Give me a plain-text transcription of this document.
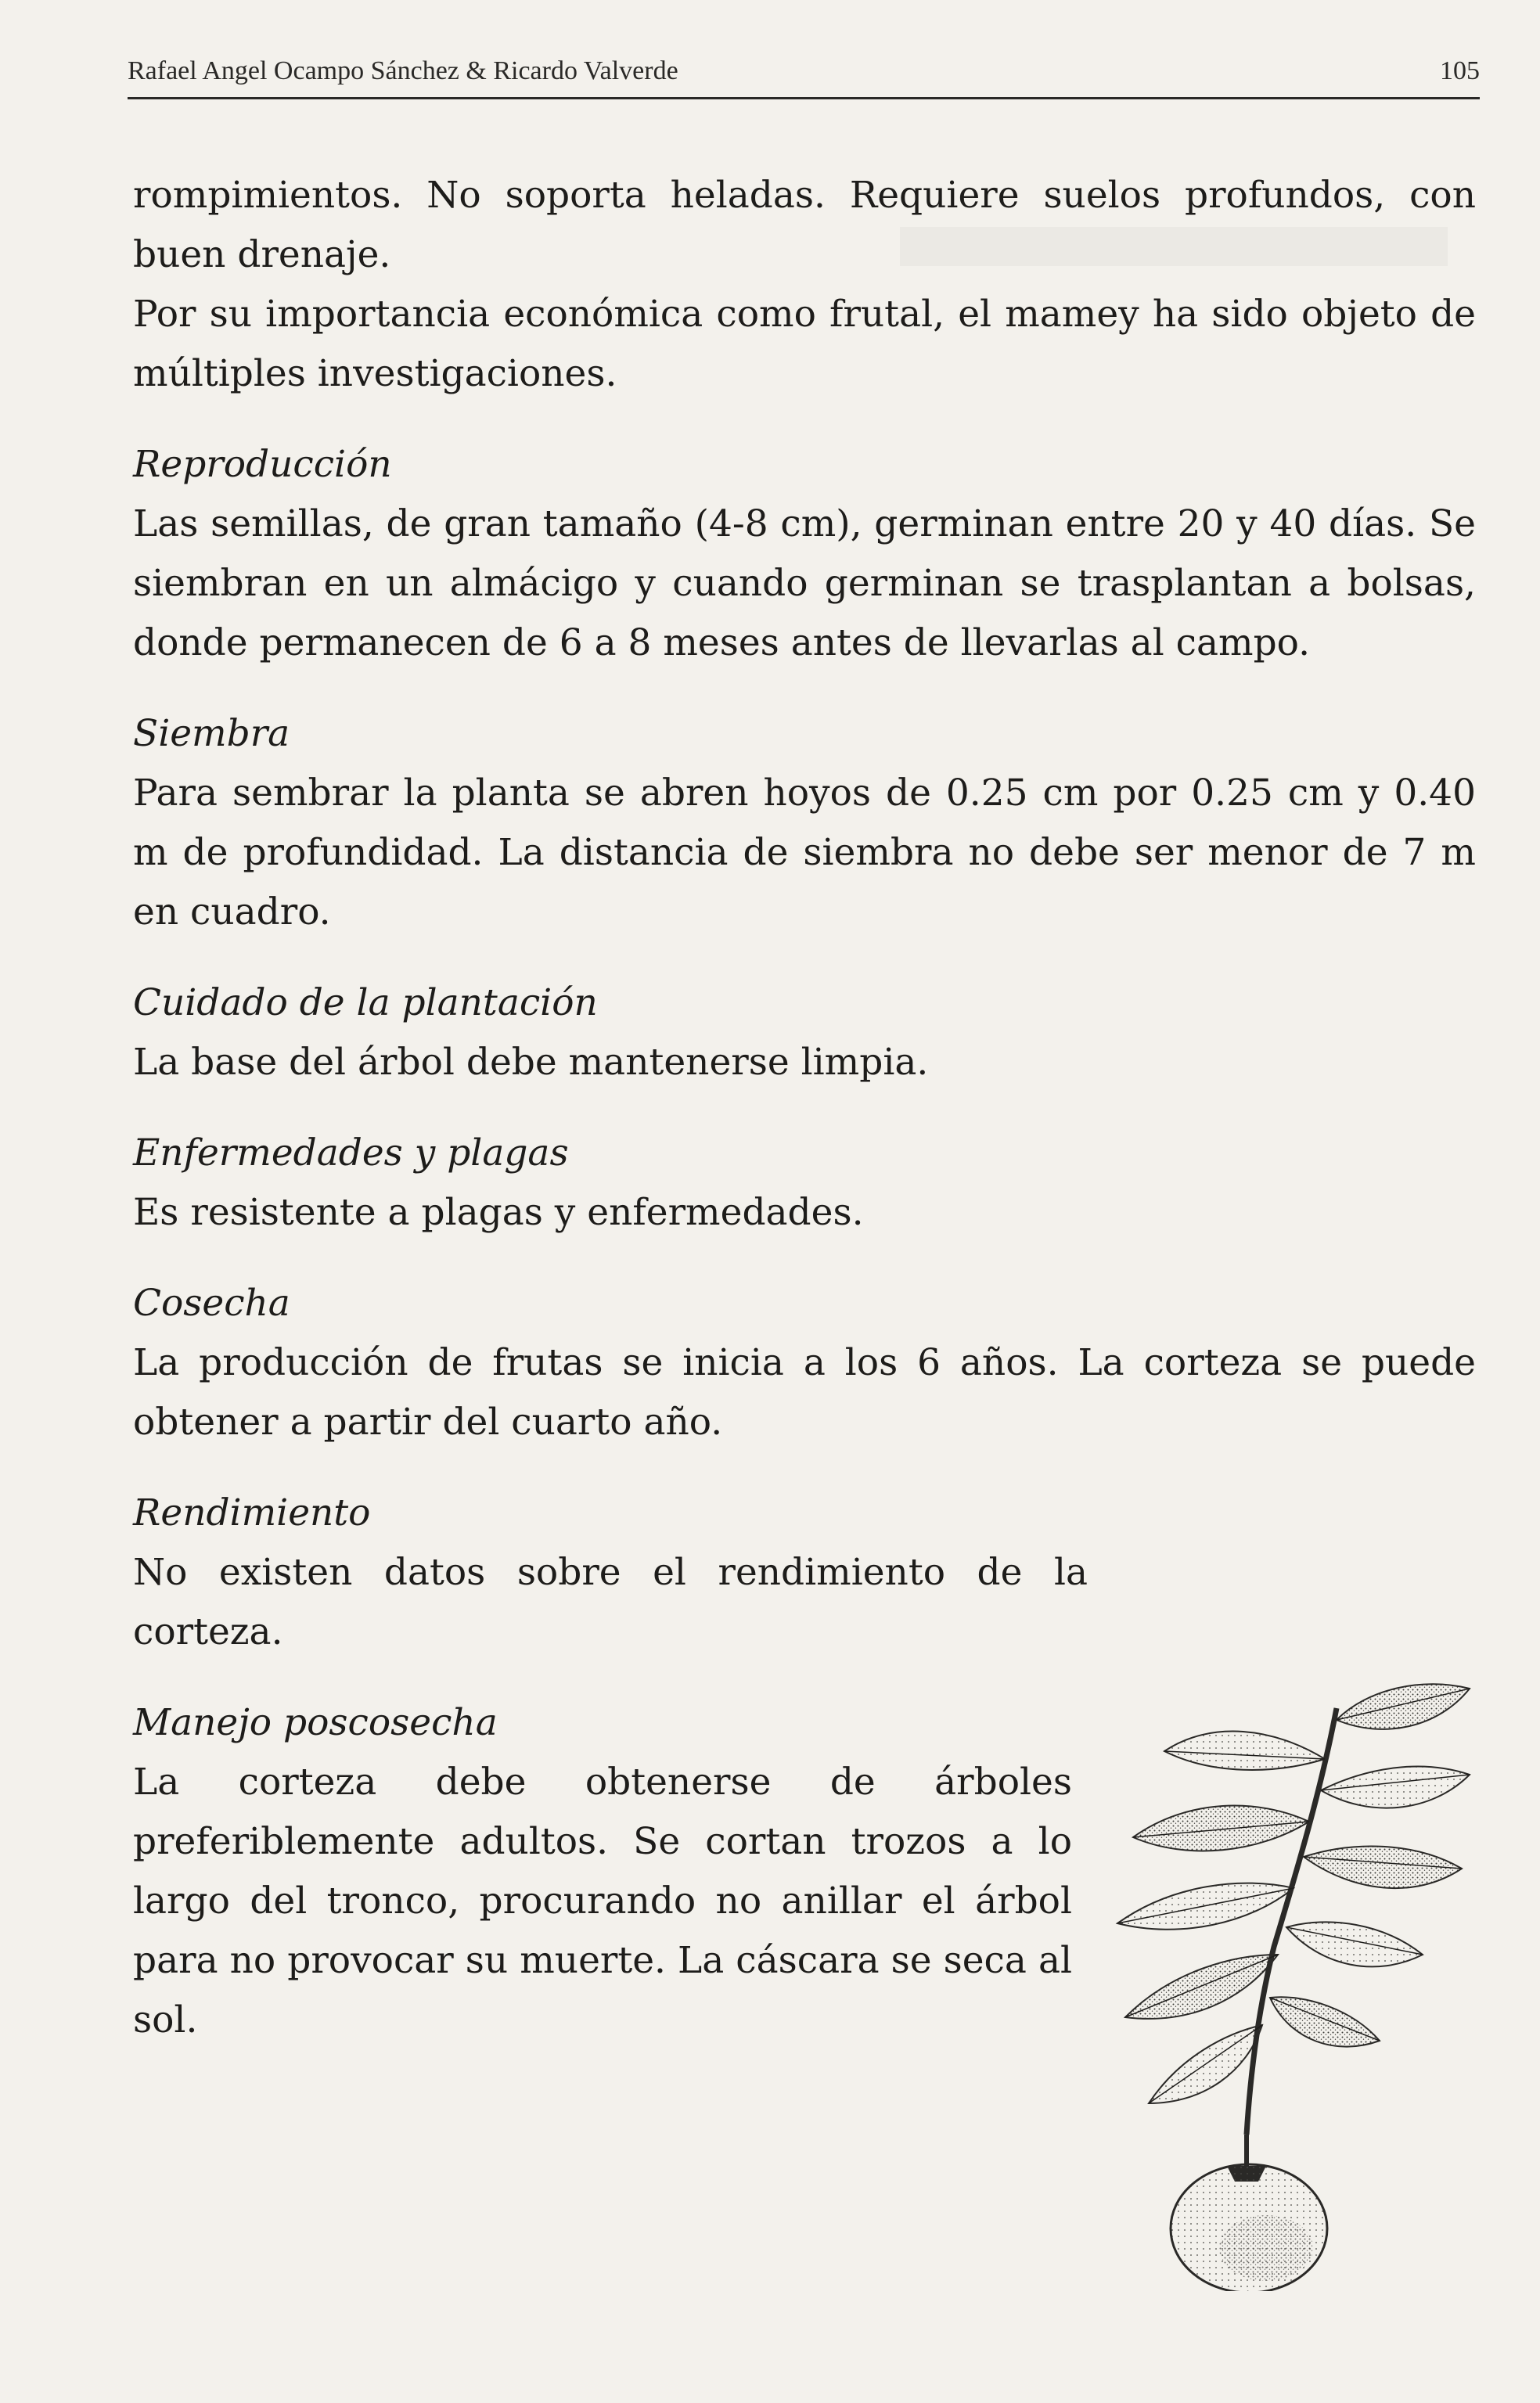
Rafael Angel Ocampo Sánchez & Ricardo Valverde	105

rompimientos. No soporta heladas. Requiere suelos profundos, con buen drenaje.

Por su importancia económica como frutal, el mamey ha sido objeto de múltiples investigaciones.

Reproducción

Las semillas, de gran tamaño (4-8 cm), germinan entre 20 y 40 días. Se siembran en un almácigo y cuando germinan se trasplantan a bolsas, donde permanecen de 6 a 8 meses antes de llevarlas al campo.

Siembra

Para sembrar la planta se abren hoyos de 0.25 cm por 0.25 cm y 0.40 m de profundidad. La distancia de siembra no debe ser menor de 7 m en cuadro.

Cuidado de la plantación

La base del árbol debe mantenerse limpia.

Enfermedades y plagas

Es resistente a plagas y enfermedades.

Cosecha

La producción de frutas se inicia a los 6 años. La corteza se puede obtener a partir del cuarto año.

Rendimiento

No existen datos sobre el rendimiento de la corteza.

Manejo poscosecha

La corteza debe obtenerse de árboles preferiblemente adultos. Se cortan trozos a lo largo del tronco, procurando no anillar el árbol para no provocar su muerte. La cáscara se seca al sol.
